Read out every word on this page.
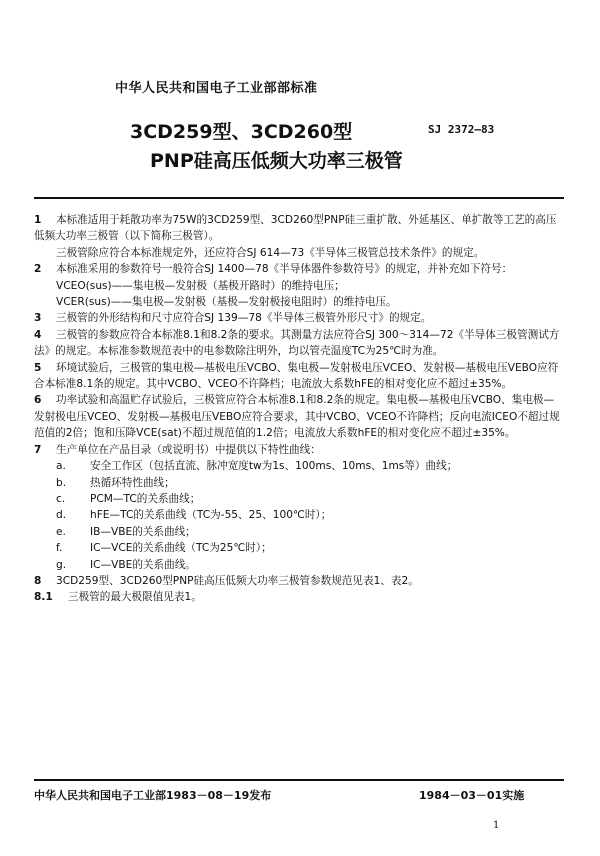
中华人民共和国电子工业部部标准
3CD259型、3CD260型
PNP硅高压低频大功率三极管
SJ 2372—83

1 本标准适用于耗散功率为75W的3CD259型、3CD260型PNP硅三重扩散、外延基区、单扩散等工艺的高压低频大功率三极管（以下简称三极管）。

三极管除应符合本标准规定外，还应符合SJ 614—73《半导体三极管总技术条件》的规定。

2 本标准采用的参数符号一般符合SJ 1400—78《半导体器件参数符号》的规定，并补充如下符号：

VCEO(sus)——集电极—发射极（基极开路时）的维持电压；

VCER(sus)——集电极—发射极（基极—发射极接电阻时）的维持电压。

3 三极管的外形结构和尺寸应符合SJ 139—78《半导体三极管外形尺寸》的规定。

4 三极管的参数应符合本标准8.1和8.2条的要求。其测量方法应符合SJ 300～314—72《半导体三极管测试方法》的规定。本标准参数规范表中的电参数除注明外，均以管壳温度TC为25℃时为准。

5 环境试验后，三极管的集电极—基极电压VCBO、集电极—发射极电压VCEO、发射极—基极电压VEBO应符合本标准8.1条的规定。其中VCBO、VCEO不许降档；电流放大系数hFE的相对变化应不超过±35%。

6 功率试验和高温贮存试验后，三极管应符合本标准8.1和8.2条的规定。集电极—基极电压VCBO、集电极—发射极电压VCEO、发射极—基极电压VEBO应符合要求，其中VCBO、VCEO不许降档；反向电流ICEO不超过规范值的2倍；饱和压降VCE(sat)不超过规范值的1.2倍；电流放大系数hFE的相对变化应不超过±35%。

7 生产单位在产品目录（或说明书）中提供以下特性曲线：

a. 安全工作区（包括直流、脉冲宽度tw为1s、100ms、10ms、1ms等）曲线；

b. 热循环特性曲线；

c. PCM—TC的关系曲线；

d. hFE—TC的关系曲线（TC为-55、25、100℃时）；

e. IB—VBE的关系曲线；

f.	IC—VCE的关系曲线（TC为25℃时）；

g. IC—VBE的关系曲线。

8 3CD259型、3CD260型PNP硅高压低频大功率三极管参数规范见表1、表2。

8.1 三极管的最大极限值见表1。

中华人民共和国电子工业部1983－08－19发布	1984－03－01实施
1
